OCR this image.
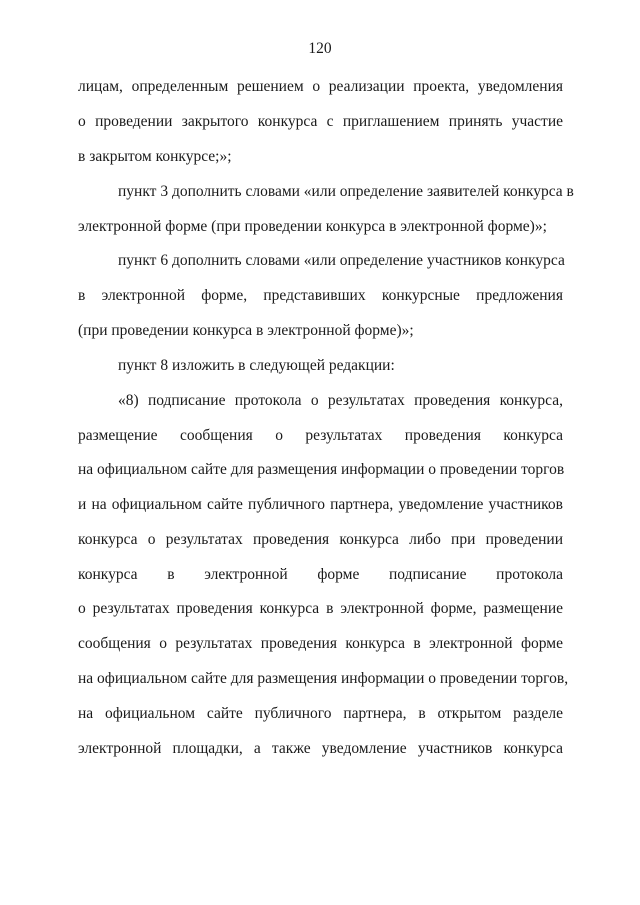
120
лицам, определенным решением о реализации проекта, уведомления
о проведении закрытого конкурса с приглашением принять участие
в закрытом конкурсе;»;
пункт 3 дополнить словами «или определение заявителей конкурса в
электронной форме (при проведении конкурса в электронной форме)»;
пункт 6 дополнить словами «или определение участников конкурса
в электронной форме, представивших конкурсные предложения
(при проведении конкурса в электронной форме)»;
пункт 8 изложить в следующей редакции:
«8) подписание протокола о результатах проведения конкурса,
размещение сообщения о результатах проведения конкурса
на официальном сайте для размещения информации о проведении торгов
и на официальном сайте публичного партнера, уведомление участников
конкурса о результатах проведения конкурса либо при проведении
конкурса в электронной форме подписание протокола
о результатах проведения конкурса в электронной форме, размещение
сообщения о результатах проведения конкурса в электронной форме
на официальном сайте для размещения информации о проведении торгов,
на официальном сайте публичного партнера, в открытом разделе
электронной площадки, а также уведомление участников конкурса
